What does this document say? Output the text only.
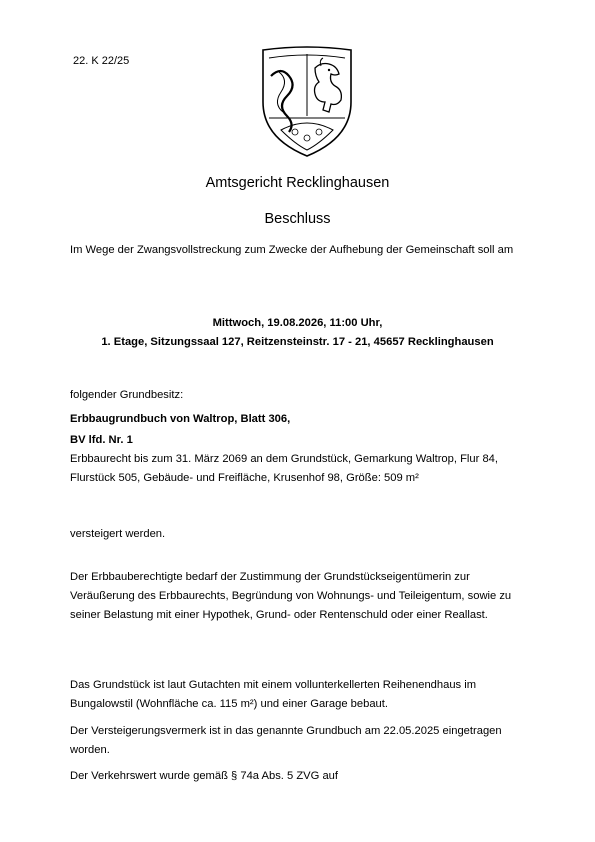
22. K 22/25
Amtsgericht Recklinghausen
Beschluss

Im Wege der Zwangsvollstreckung zum Zwecke der Aufhebung der Gemeinschaft soll am

Mittwoch, 19.08.2026, 11:00 Uhr,
1. Etage, Sitzungssaal 127, Reitzensteinstr. 17 - 21, 45657 Recklinghausen

folgender Grundbesitz:

Erbbaugrundbuch von Waltrop, Blatt 306,

BV lfd. Nr. 1

Erbbaurecht bis zum 31. März 2069 an dem Grundstück, Gemarkung Waltrop, Flur 84, Flurstück 505, Gebäude- und Freifläche, Krusenhof 98, Größe: 509 m²

versteigert werden.

Der Erbbauberechtigte bedarf der Zustimmung der Grundstückseigentümerin zur Veräußerung des Erbbaurechts, Begründung von Wohnungs- und Teileigentum, sowie zu seiner Belastung mit einer Hypothek, Grund- oder Rentenschuld oder einer Reallast.

Das Grundstück ist laut Gutachten mit einem vollunterkellerten Reihenendhaus im Bungalowstil (Wohnfläche ca. 115 m²) und einer Garage bebaut.

Der Versteigerungsvermerk ist in das genannte Grundbuch am 22.05.2025 eingetragen worden.

Der Verkehrswert wurde gemäß § 74a Abs. 5 ZVG auf
